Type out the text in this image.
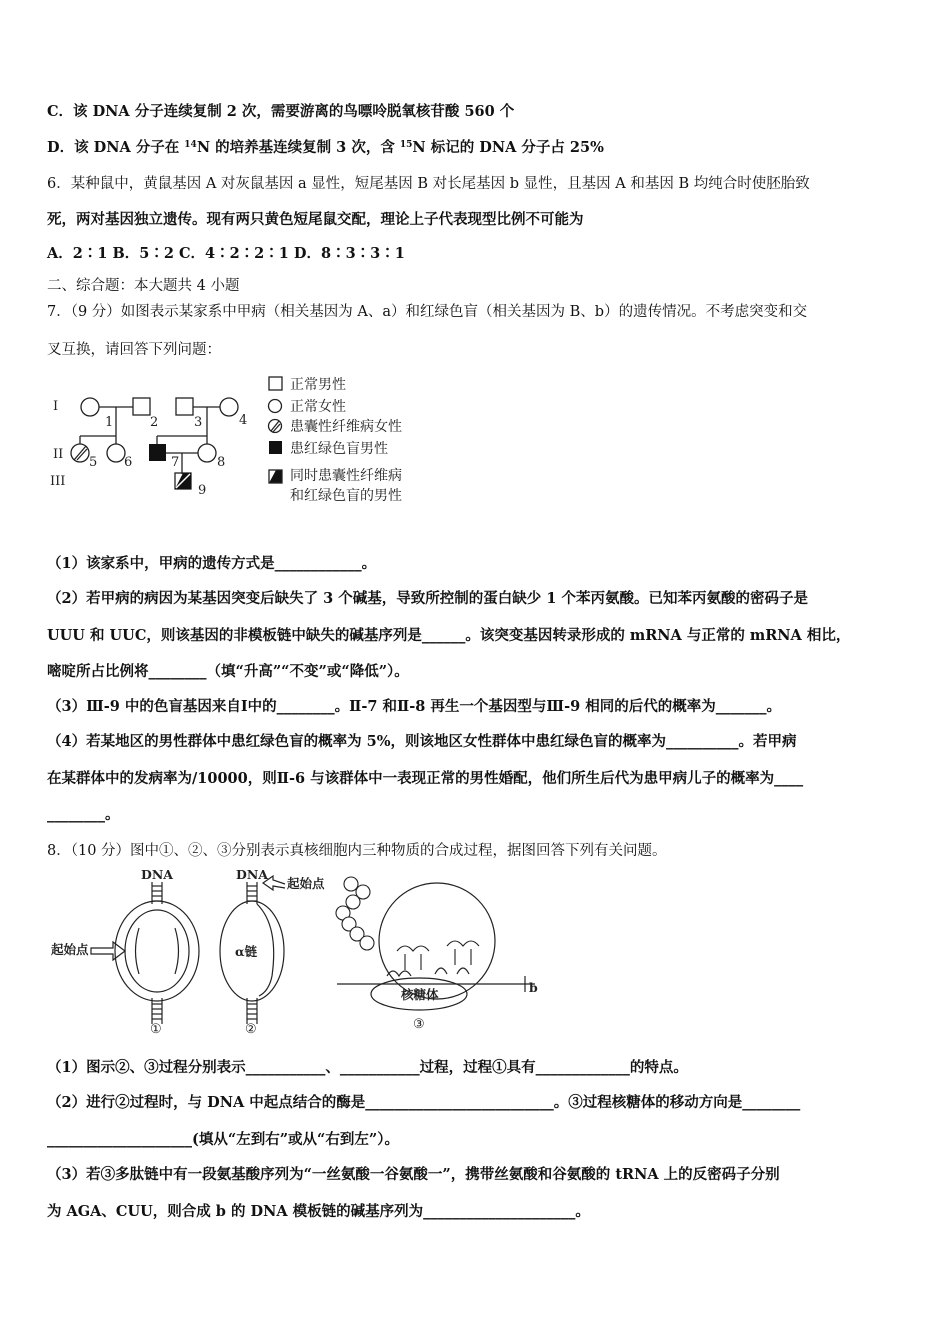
C．该 DNA 分子连续复制 2 次，需要游离的鸟嘌呤脱氧核苷酸 560 个
D．该 DNA 分子在 $^{14}$N 的培养基连续复制 3 次，含 $^{15}$N 标记的 DNA 分子占 25%
6．某种鼠中，黄鼠基因 A 对灰鼠基因 a 显性，短尾基因 B 对长尾基因 b 显性，且基因 A 和基因 B 均纯合时使胚胎致
死，两对基因独立遗传。现有两只黄色短尾鼠交配，理论上子代表现型比例不可能为
A．2∶1 B．5∶2 C．4∶2∶2∶1 D．8∶3∶3∶1
二、综合题：本大题共 4 小题
7．（9 分）如图表示某家系中甲病（相关基因为 A、a）和红绿色盲（相关基因为 B、b）的遗传情况。不考虑突变和交
叉互换，请回答下列问题：
I
II
III
1	2	3	4
5 6	7	8
9
正常男性
正常女性
患囊性纤维病女性
患红绿色盲男性
同时患囊性纤维病
和红绿色盲的男性
（1）该家系中，甲病的遗传方式是____________。
（2）若甲病的病因为某基因突变后缺失了 3 个碱基，导致所控制的蛋白缺少 1 个苯丙氨酸。已知苯丙氨酸的密码子是
UUU 和 UUC，则该基因的非模板链中缺失的碱基序列是______。该突变基因转录形成的 mRNA 与正常的 mRNA 相比，
嘧啶所占比例将________（填“升高”“不变”或“降低”）。
（3）Ⅲ-9 中的色盲基因来自Ⅰ中的________。Ⅱ-7 和Ⅱ-8 再生一个基因型与Ⅲ-9 相同的后代的概率为_______。
（4）若某地区的男性群体中患红绿色盲的概率为 5%，则该地区女性群体中患红绿色盲的概率为__________。若甲病
在某群体中的发病率为/10000，则Ⅱ-6 与该群体中一表现正常的男性婚配，他们所生后代为患甲病儿子的概率为____
________。
8．（10 分）图中①、②、③分别表示真核细胞内三种物质的合成过程，据图回答下列有关问题。
DNA	DNA
起始点
起始点
α链
核糖体	b
①	②	③
（1）图示②、③过程分别表示___________、___________过程，过程①具有_____________的特点。
（2）进行②过程时，与 DNA 中起点结合的酶是__________________________。③过程核糖体的移动方向是________
____________________(填从“左到右”或从“右到左”）。
（3）若③多肽链中有一段氨基酸序列为“一丝氨酸一谷氨酸一”，携带丝氨酸和谷氨酸的 tRNA 上的反密码子分别
为 AGA、CUU，则合成 b 的 DNA 模板链的碱基序列为_____________________。
